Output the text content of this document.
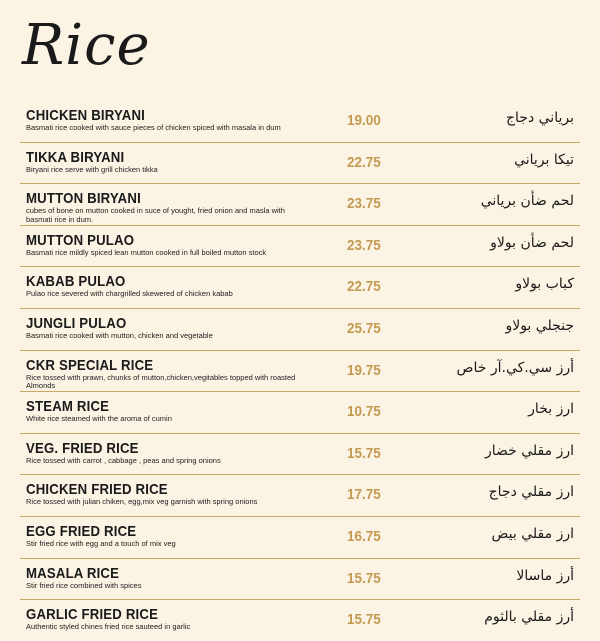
Rice
CHICKEN BIRYANI
Basmati rice cooked with sauce pieces of chicken spiced with masala in dum	19.00	برياني دجاج
TIKKA BIRYANI
Biryani rice serve with grill chicken tikka	22.75	تيكا برياني
MUTTON BIRYANI
cubes of bone on mutton cooked in suce of yought, fried onion and masla with basmati rice in dum.
23.75	لحم ضأن برياني
MUTTON PULAO
Basmati rice mildly spiced lean mutton cooked in full boiled mutton stock	23.75	لحم ضأن بولاو
KABAB PULAO
Pulao rice severed with chargrilled skewered of chicken kabab	22.75	كباب بولاو
JUNGLI PULAO
Basmati rice cooked with mutton, chicken and vegetable	25.75	جنجلي بولاو
CKR SPECIAL RICE
Rice tossed with prawn, chunks of mutton,chicken,vegitables topped with roasted Almonds
19.75	أرز سي.كي.آر خاص
STEAM RICE
White rice steamed with the aroma of cumin	10.75	ارز بخار
VEG. FRIED RICE
Rice tossed with carrot , cabbage , peas and spring onions	15.75	ارز مقلي خضار
CHICKEN FRIED RICE
Rice tossed with julian chiken, egg,mix veg garnish with spring onions	17.75	ارز مقلي دجاج
EGG FRIED RICE
Stir fried rice with egg and a touch of mix veg	16.75	ارز مقلي بيض
MASALA RICE
Stir fried rice combined with spices	15.75	أرز ماسالا
GARLIC FRIED RICE
Authentic styled chines fried rice sauteed in garlic	15.75	أرز مقلي بالثوم
